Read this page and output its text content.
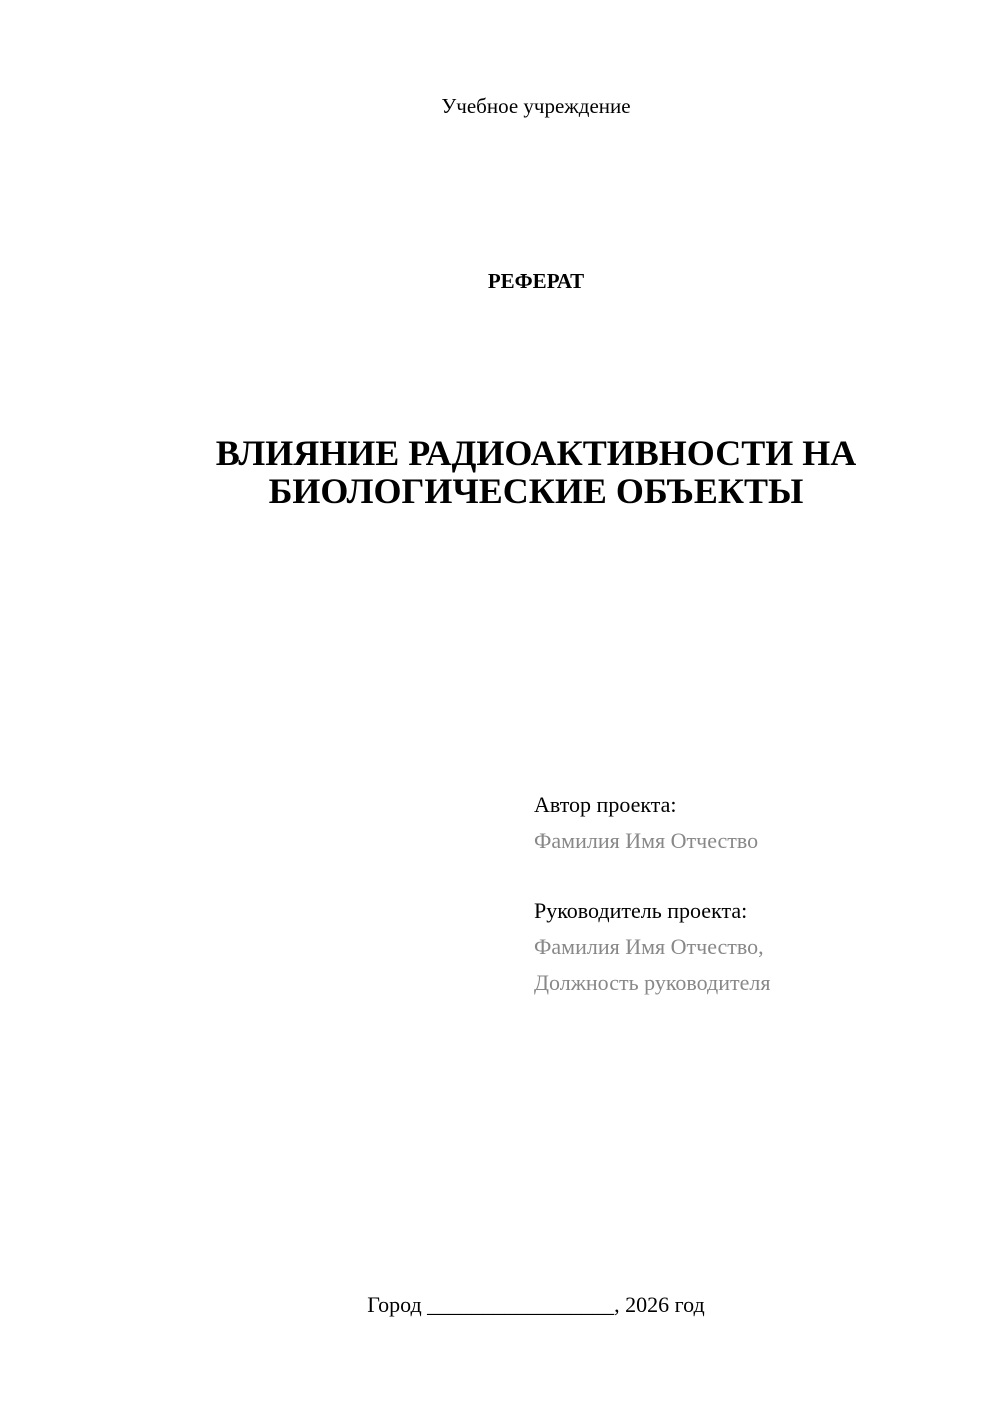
Учебное учреждение
РЕФЕРАТ
ВЛИЯНИЕ РАДИОАКТИВНОСТИ НА
БИОЛОГИЧЕСКИЕ ОБЪЕКТЫ
Автор проекта:
Фамилия Имя Отчество
Руководитель проекта:
Фамилия Имя Отчество,
Должность руководителя
Город _________________, 2026 год
